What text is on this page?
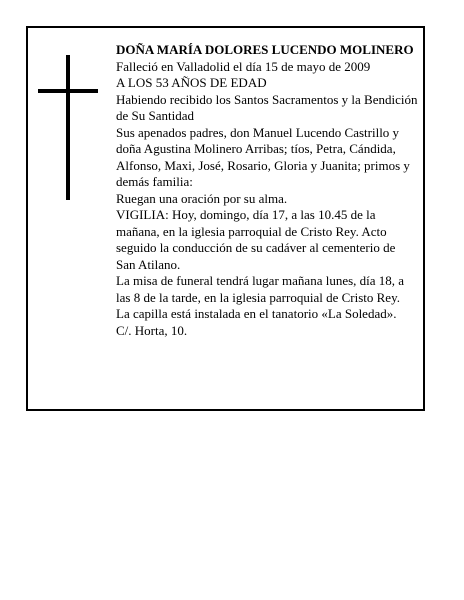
DOÑA MARÍA DOLORES LUCENDO MOLINERO

Falleció en Valladolid el día 15 de mayo de 2009

A LOS 53 AÑOS DE EDAD

Habiendo recibido los Santos Sacramentos y la Bendición de Su Santidad

Sus apenados padres, don Manuel Lucendo Castrillo y doña Agustina Molinero Arribas; tíos, Petra, Cándida, Alfonso, Maxi, José, Rosario, Gloria y Juanita; primos y demás familia:

Ruegan una oración por su alma.

VIGILIA: Hoy, domingo, día 17, a las 10.45 de la mañana, en la iglesia parroquial de Cristo Rey. Acto seguido la conducción de su cadáver al cementerio de San Atilano.

La misa de funeral tendrá lugar mañana lunes, día 18, a las 8 de la tarde, en la iglesia parroquial de Cristo Rey.

La capilla está instalada en el tanatorio «La Soledad».

C/. Horta, 10.
